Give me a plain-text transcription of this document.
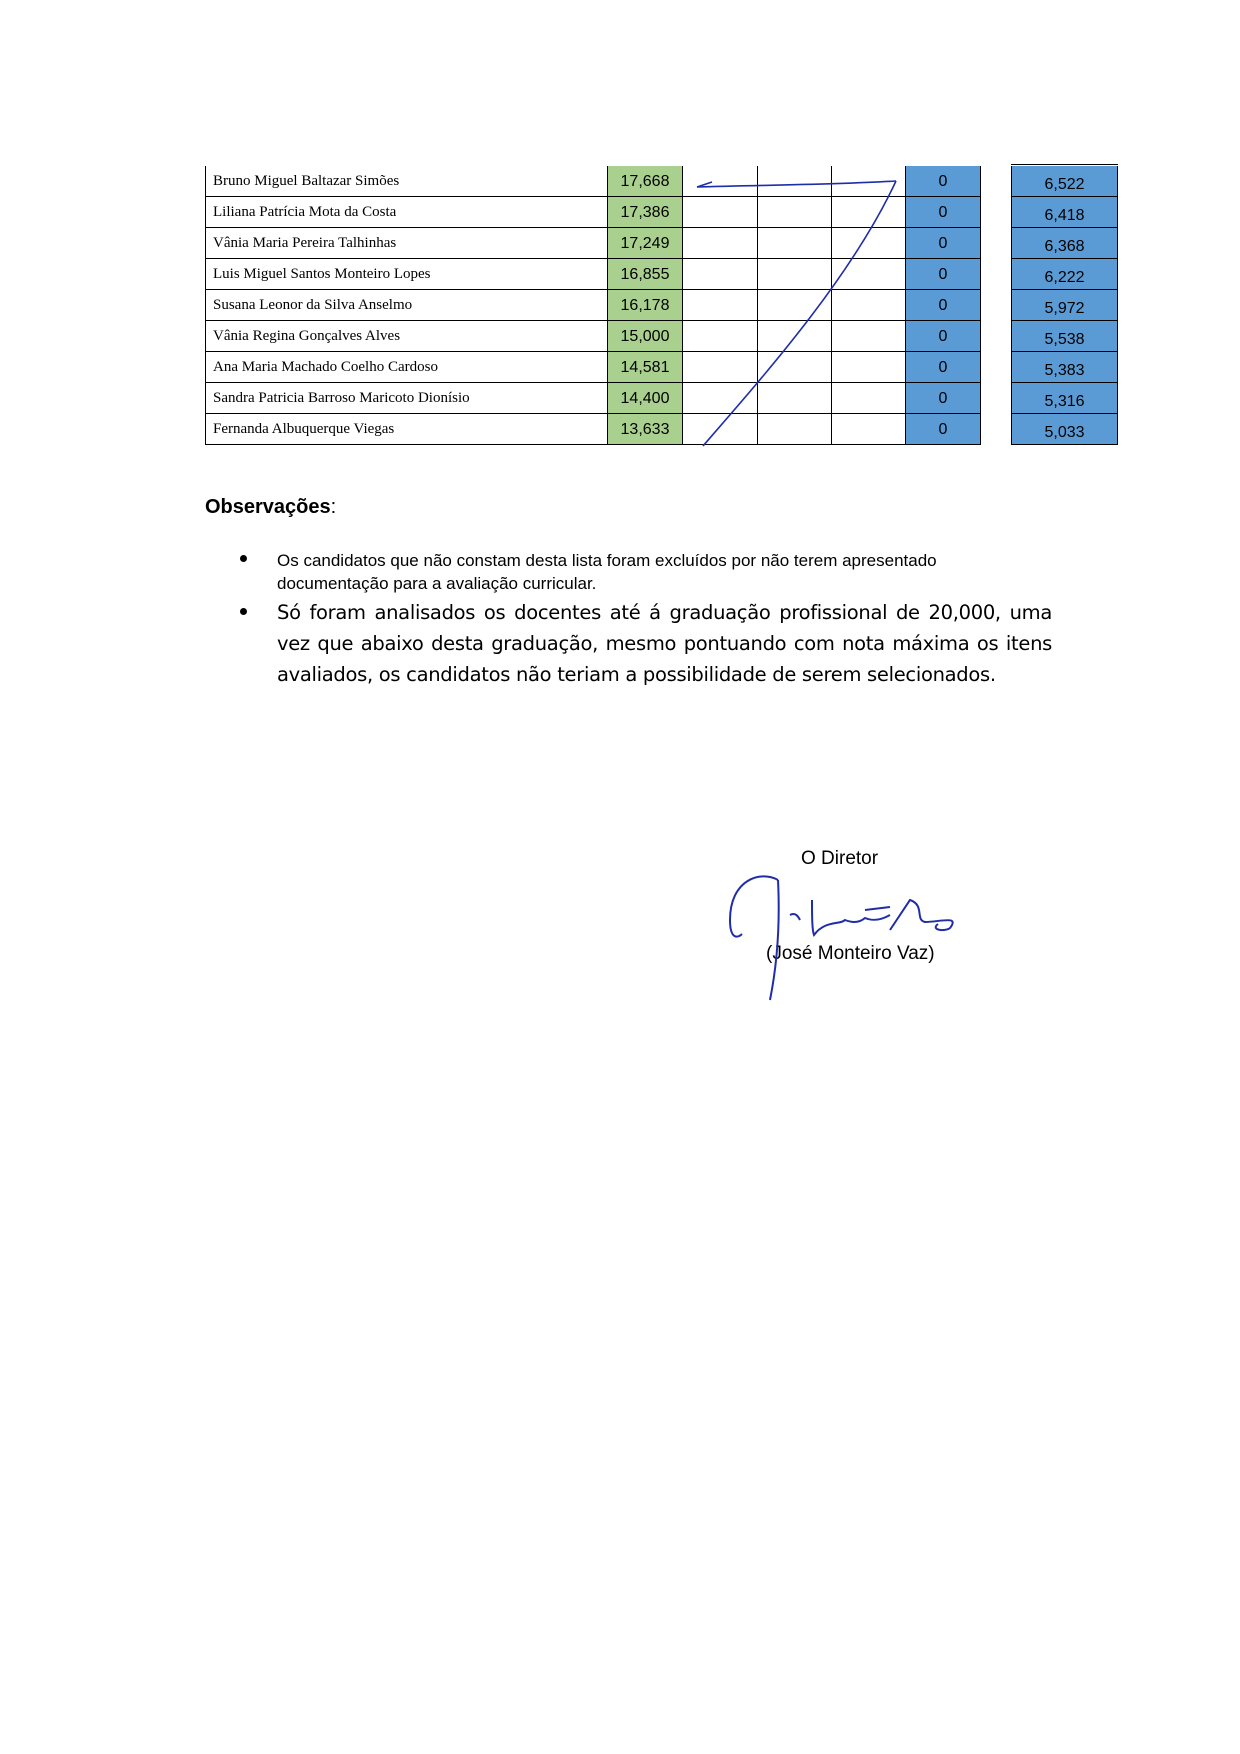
Bruno Miguel Baltazar Simões	17,668	0	6,522
Liliana Patrícia Mota da Costa	17,386	0	6,418
Vânia Maria Pereira Talhinhas	17,249	0	6,368
Luis Miguel Santos Monteiro Lopes	16,855	0	6,222
Susana Leonor da Silva Anselmo	16,178	0	5,972
Vânia Regina Gonçalves Alves	15,000	0	5,538
Ana Maria Machado Coelho Cardoso	14,581	0	5,383
Sandra Patricia Barroso Maricoto Dionísio	14,400	0	5,316
Fernanda Albuquerque Viegas	13,633	0	5,033
Observações:
Os candidatos que não constam desta lista foram excluídos por não terem apresentado documentação para a avaliação curricular.
Só foram analisados os docentes até á graduação profissional de 20,000, uma vez que abaixo desta graduação, mesmo pontuando com nota máxima os itens avaliados, os candidatos não teriam a possibilidade de serem selecionados.
O Diretor
(José Monteiro Vaz)
